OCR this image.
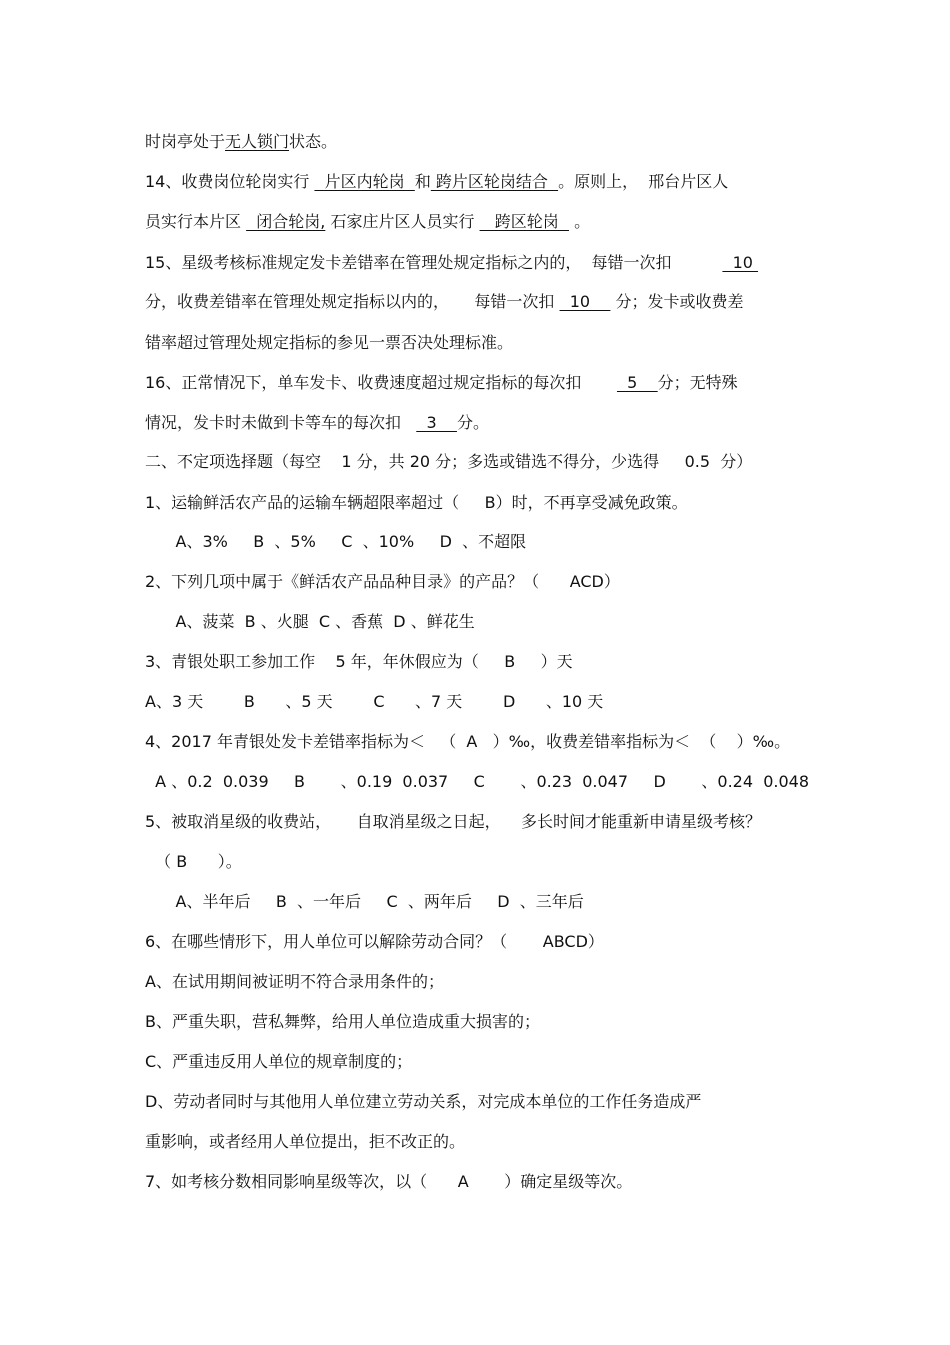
时岗亭处于无人锁门状态。
14、收费岗位轮岗实行   片区内轮岗  和 跨片区轮岗结合  。原则上，  邢台片区人
员实行本片区   闭合轮岗, 石家庄片区人员实行    跨区轮岗   。
15、星级考核标准规定发卡差错率在管理处规定指标之内的，  每错一次扣            10
分，收费差错率在管理处规定指标以内的，     每错一次扣   10     分；发卡或收费差
错率超过管理处规定指标的参见一票否决处理标准。
16、正常情况下，单车发卡、收费速度超过规定指标的每次扣         5    分；无特殊
情况，发卡时未做到卡等车的每次扣     3    分。
二、不定项选择题（每空    1 分，共 20 分；多选或错选不得分，少选得     0.5  分）
1、运输鲜活农产品的运输车辆超限率超过（     B）时，不再享受减免政策。
A、3%     B  、5%     C  、10%     D  、不超限
2、下列几项中属于《鲜活农产品品种目录》的产品？（      ACD）
A、菠菜  B 、火腿  C 、香蕉  D 、鲜花生
3、青银处职工参加工作    5 年，年休假应为（     B     ）天
A、3 天        B      、5 天        C      、7 天        D      、10 天
4、2017 年青银处发卡差错率指标为＜   （  A   ）‰，收费差错率指标为＜  （    ）‰。
A 、0.2  0.039     B       、0.19  0.037     C       、0.23  0.047     D       、0.24  0.048
5、被取消星级的收费站，     自取消星级之日起，    多长时间才能重新申请星级考核？
（ B      ）。
A、半年后     B  、一年后     C  、两年后     D  、三年后
6、在哪些情形下，用人单位可以解除劳动合同？（       ABCD）
A、在试用期间被证明不符合录用条件的；
B、严重失职，营私舞弊，给用人单位造成重大损害的；
C、严重违反用人单位的规章制度的；
D、劳动者同时与其他用人单位建立劳动关系，对完成本单位的工作任务造成严
重影响，或者经用人单位提出，拒不改正的。
7、如考核分数相同影响星级等次，以（      A       ）确定星级等次。
